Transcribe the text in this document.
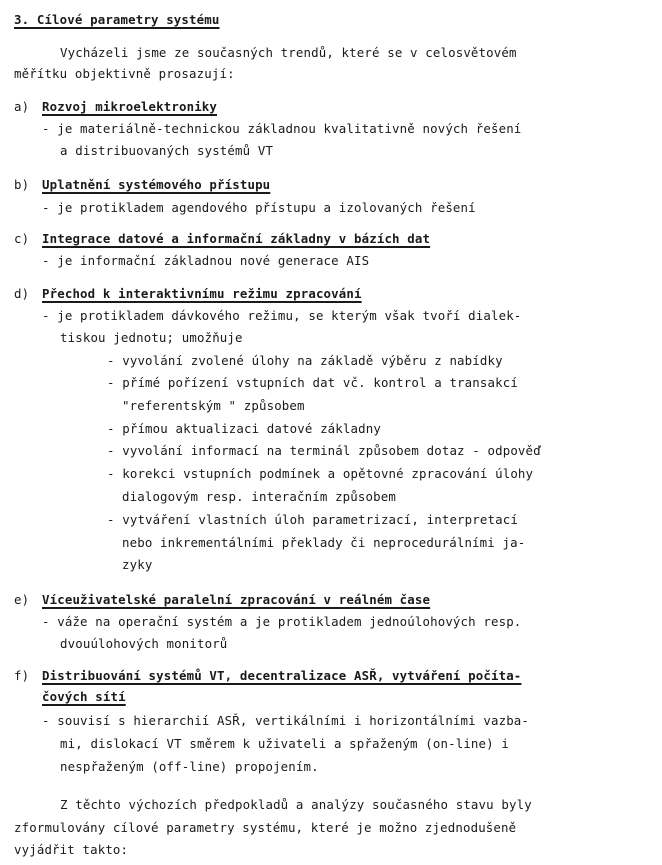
3. Cílové parametry systému
Vycházeli jsme ze současných trendů, které se v celosvětovém
měřítku objektivně prosazují:
a) Rozvoj mikroelektroniky
- je materiálně-technickou základnou kvalitativně nových řešení
a distribuovaných systémů VT
b) Uplatnění systémového přístupu
- je protikladem agendového přístupu a izolovaných řešení
c) Integrace datové a informační základny v bázích dat
- je informační základnou nové generace AIS
d) Přechod k interaktivnímu režimu zpracování
- je protikladem dávkového režimu, se kterým však tvoří dialek-
tiskou jednotu; umožňuje
- vyvolání zvolené úlohy na základě výběru z nabídky
- přímé pořízení vstupních dat vč. kontrol a transakcí
"referentským " způsobem
- přímou aktualizaci datové základny
- vyvolání informací na terminál způsobem dotaz - odpověď
- korekci vstupních podmínek a opětovné zpracování úlohy
dialogovým resp. interačním způsobem
- vytváření vlastních úloh parametrizací, interpretací
nebo inkrementálními překlady či neprocedurálními ja-
zyky
e) Víceuživatelské paralelní zpracování v reálném čase
- váže na operační systém a je protikladem jednoúlohových resp.
dvouúlohových monitorů
f) Distribuování systémů VT, decentralizace ASŘ, vytváření počíta-
čových sítí
- souvisí s hierarchií ASŘ, vertikálními i horizontálními vazba-
mi, dislokací VT směrem k uživateli a spřaženým (on-line) i
nespřaženým (off-line) propojením.
Z těchto výchozích předpokladů a analýzy současného stavu byly
zformulovány cílové parametry systému, které je možno zjednodušeně
vyjádřit takto:
